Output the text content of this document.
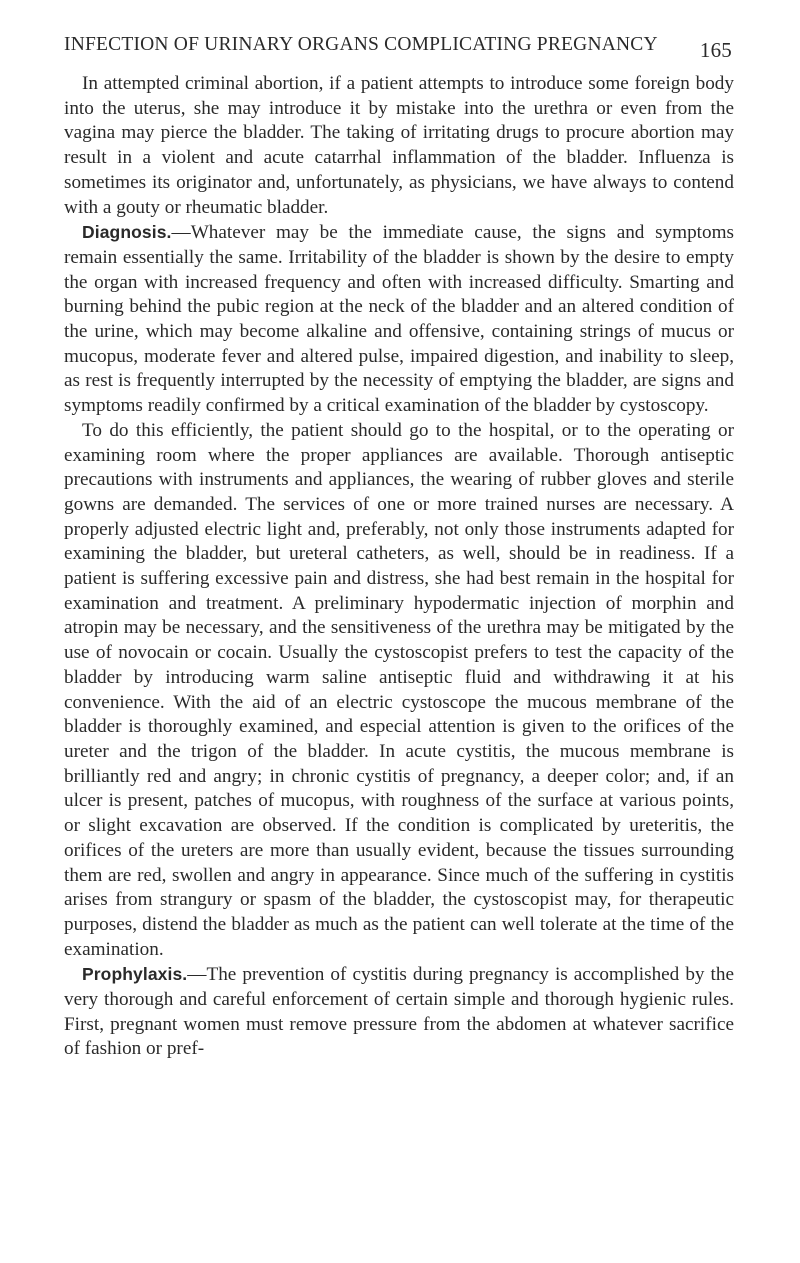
INFECTION OF URINARY ORGANS COMPLICATING PREGNANCY 165

In attempted criminal abortion, if a patient attempts to introduce some foreign body into the uterus, she may introduce it by mistake into the urethra or even from the vagina may pierce the bladder. The taking of irritating drugs to procure abortion may result in a violent and acute catarrhal inflammation of the bladder. Influenza is sometimes its originator and, unfortunately, as physicians, we have always to contend with a gouty or rheumatic bladder.

Diagnosis.—Whatever may be the immediate cause, the signs and symptoms remain essentially the same. Irritability of the bladder is shown by the desire to empty the organ with increased frequency and often with increased difficulty. Smarting and burning behind the pubic region at the neck of the bladder and an altered condition of the urine, which may become alkaline and offensive, containing strings of mucus or mucopus, moderate fever and altered pulse, impaired digestion, and inability to sleep, as rest is frequently interrupted by the necessity of emptying the bladder, are signs and symptoms readily confirmed by a critical examination of the bladder by cystoscopy.

To do this efficiently, the patient should go to the hospital, or to the operating or examining room where the proper appliances are available. Thorough antiseptic precautions with instruments and appliances, the wearing of rubber gloves and sterile gowns are demanded. The services of one or more trained nurses are necessary. A properly adjusted electric light and, preferably, not only those instruments adapted for examining the bladder, but ureteral catheters, as well, should be in readiness. If a patient is suffering excessive pain and distress, she had best remain in the hospital for examination and treatment. A preliminary hypodermatic injection of morphin and atropin may be necessary, and the sensitiveness of the urethra may be mitigated by the use of novocain or cocain. Usually the cystoscopist prefers to test the capacity of the bladder by introducing warm saline antiseptic fluid and withdrawing it at his convenience. With the aid of an electric cystoscope the mucous membrane of the bladder is thoroughly examined, and especial attention is given to the orifices of the ureter and the trigon of the bladder. In acute cystitis, the mucous membrane is brilliantly red and angry; in chronic cystitis of pregnancy, a deeper color; and, if an ulcer is present, patches of mucopus, with roughness of the surface at various points, or slight excavation are observed. If the condition is complicated by ureteritis, the orifices of the ureters are more than usually evident, because the tissues surrounding them are red, swollen and angry in appearance. Since much of the suffering in cystitis arises from strangury or spasm of the bladder, the cystoscopist may, for therapeutic purposes, distend the bladder as much as the patient can well tolerate at the time of the examination.

Prophylaxis.—The prevention of cystitis during pregnancy is accomplished by the very thorough and careful enforcement of certain simple and thorough hygienic rules. First, pregnant women must remove pressure from the abdomen at whatever sacrifice of fashion or pref-
